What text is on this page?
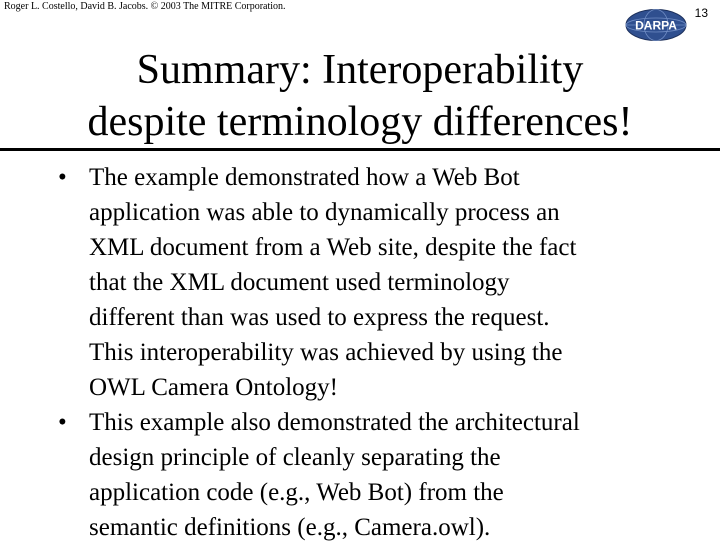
Roger L. Costello, David B. Jacobs. © 2003 The MITRE Corporation.	13
DARPA
Summary: Interoperability
despite terminology differences!
• The example demonstrated how a Web Bot
application was able to dynamically process an
XML document from a Web site, despite the fact
that the XML document used terminology
different than was used to express the request.
This interoperability was achieved by using the
OWL Camera Ontology!
• This example also demonstrated the architectural
design principle of cleanly separating the
application code (e.g., Web Bot) from the
semantic definitions (e.g., Camera.owl).
